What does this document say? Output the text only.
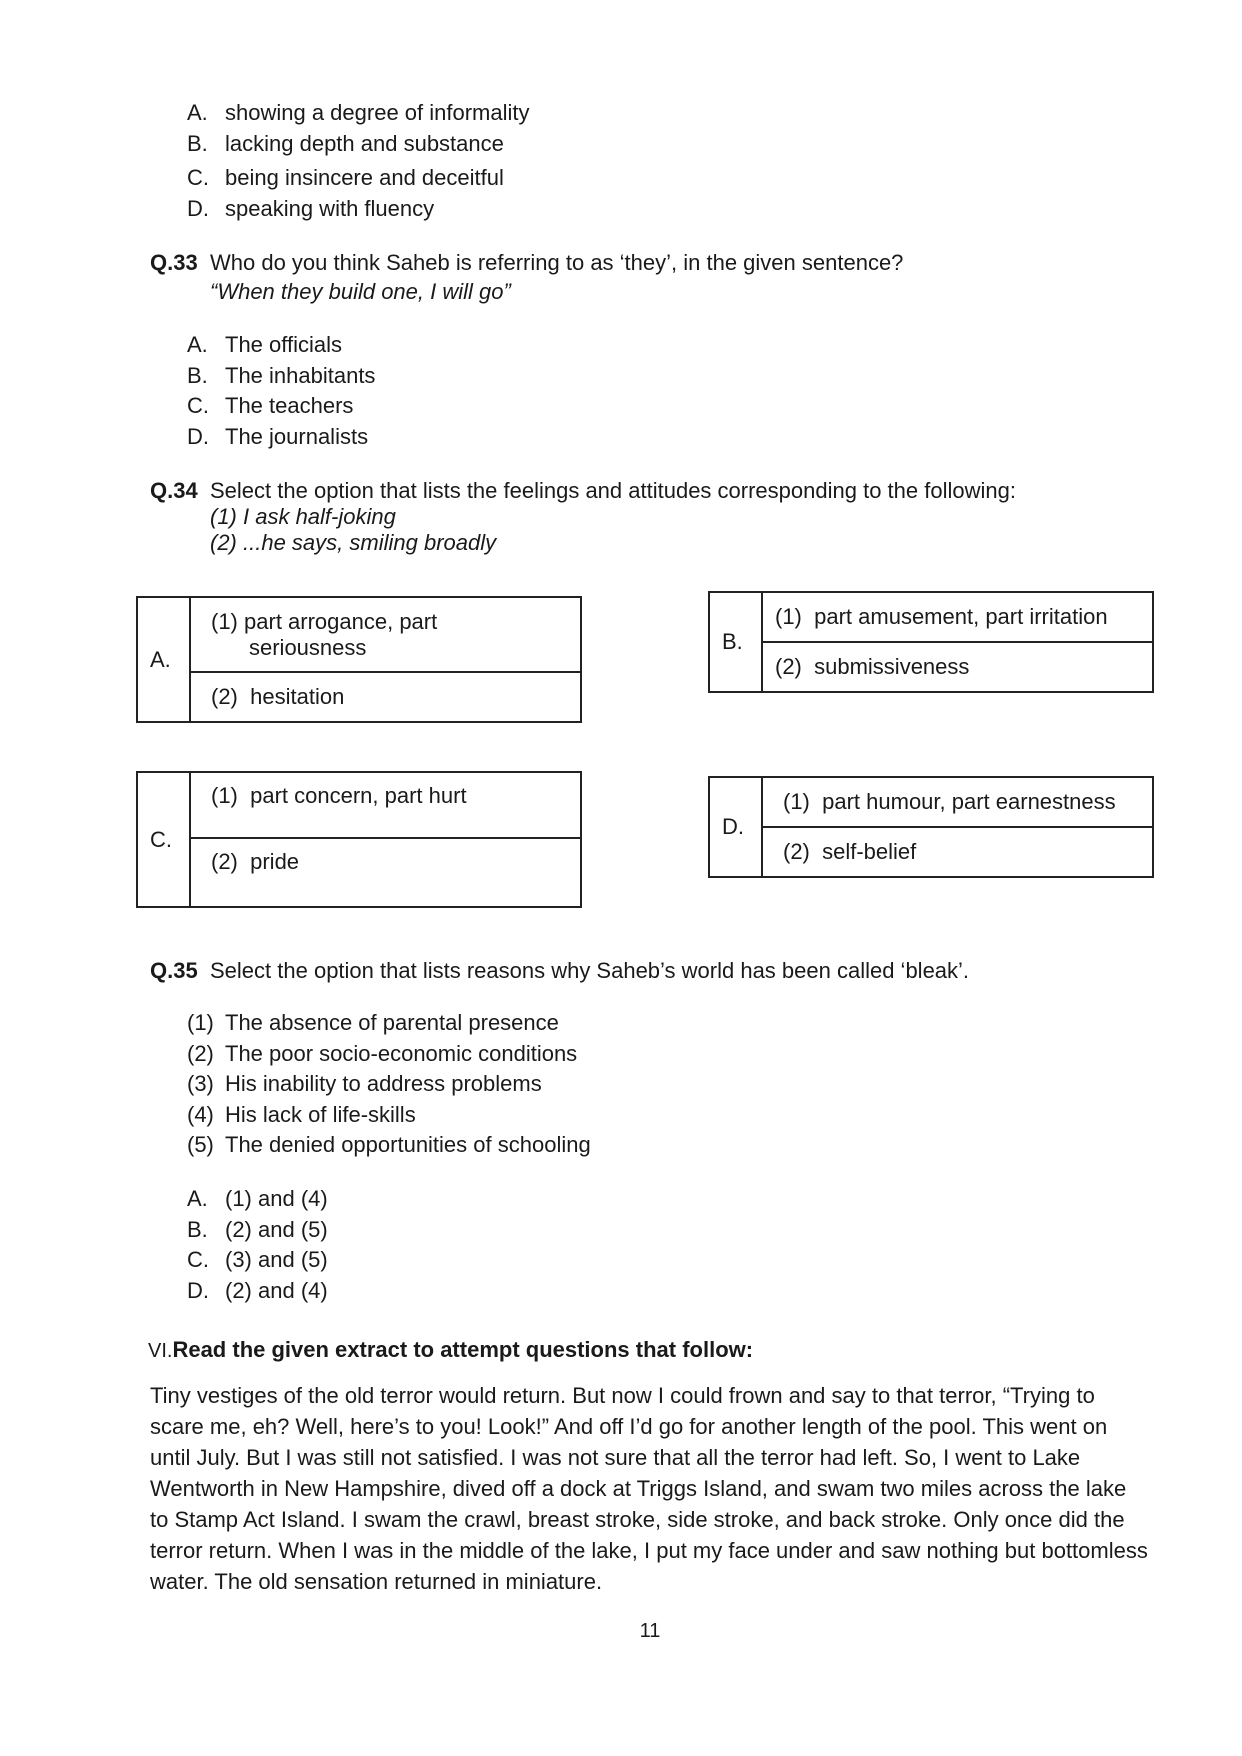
A. showing a degree of informality
B. lacking depth and substance
C. being insincere and deceitful
D. speaking with fluency
Q.33 Who do you think Saheb is referring to as ‘they’, in the given sentence?
“When they build one, I will go”
A. The officials
B. The inhabitants
C. The teachers
D. The journalists
Q.34 Select the option that lists the feelings and attitudes corresponding to the following:
(1) I ask half-joking
(2) ...he says, smiling broadly
A.	
(1) part arrogance, part
seriousness

(2) hesitation
B.	(1) part amusement, part irritation
(2) submissiveness
C.	(1) part concern, part hurt
(2) pride
D.	(1) part humour, part earnestness
(2) self-belief
Q.35 Select the option that lists reasons why Saheb’s world has been called ‘bleak’.
(1) The absence of parental presence
(2) The poor socio-economic conditions
(3) His inability to address problems
(4) His lack of life-skills
(5) The denied opportunities of schooling
A. (1) and (4)
B. (2) and (5)
C. (3) and (5)
D. (2) and (4)
VI.Read the given extract to attempt questions that follow:
Tiny vestiges of the old terror would return. But now I could frown and say to that terror, “Trying to scare me, eh? Well, here’s to you! Look!” And off I’d go for another length of the pool. This went on until July. But I was still not satisfied. I was not sure that all the terror had left. So, I went to Lake Wentworth in New Hampshire, dived off a dock at Triggs Island, and swam two miles across the lake to Stamp Act Island. I swam the crawl, breast stroke, side stroke, and back stroke. Only once did the terror return. When I was in the middle of the lake, I put my face under and saw nothing but bottomless water. The old sensation returned in miniature.
11
